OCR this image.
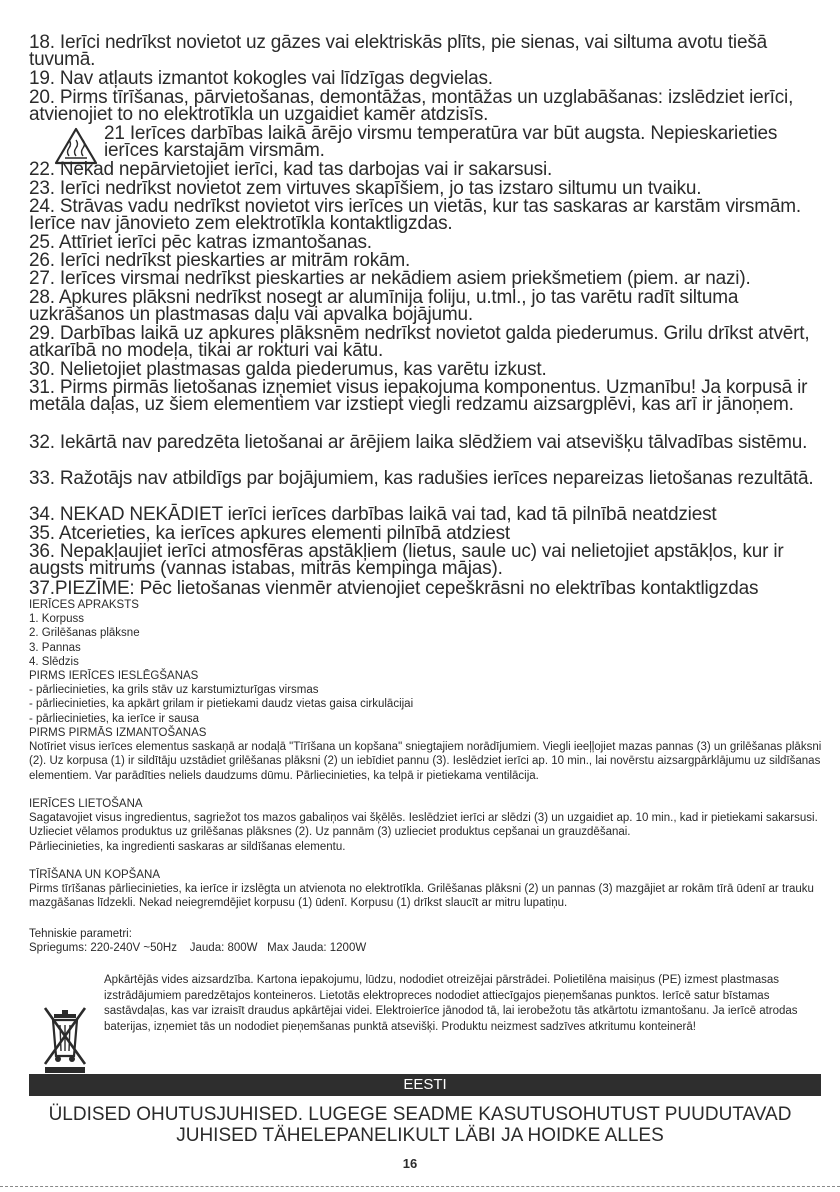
18. Ierīci nedrīkst novietot uz gāzes vai elektriskās plīts, pie sienas, vai siltuma avotu tiešā tuvumā.

19. Nav atļauts izmantot kokogles vai līdzīgas degvielas.

20. Pirms tīrīšanas, pārvietošanas, demontāžas, montāžas un uzglabāšanas: izslēdziet ierīci, atvienojiet to no elektrotīkla un uzgaidiet kamēr atdzisīs.

21 Ierīces darbības laikā ārējo virsmu temperatūra var būt augsta. Nepieskarieties ierīces karstajām virsmām.

22. Nekad nepārvietojiet ierīci, kad tas darbojas vai ir sakarsusi.

23. Ierīci nedrīkst novietot zem virtuves skapīšiem, jo tas izstaro siltumu un tvaiku.

24. Strāvas vadu nedrīkst novietot virs ierīces un vietās, kur tas saskaras ar karstām virsmām. Ierīce nav jānovieto zem elektrotīkla kontaktligzdas.

25. Attīriet ierīci pēc katras izmantošanas.

26. Ierīci nedrīkst pieskarties ar mitrām rokām.

27. Ierīces virsmai nedrīkst pieskarties ar nekādiem asiem priekšmetiem (piem. ar nazi).

28. Apkures plāksni nedrīkst nosegt ar alumīnija foliju, u.tml., jo tas varētu radīt siltuma uzkrāšanos un plastmasas daļu vai apvalka bojājumu.

29. Darbības laikā uz apkures plāksnēm nedrīkst novietot galda piederumus. Grilu drīkst atvērt, atkarībā no modeļa, tikai ar rokturi vai kātu.

30. Nelietojiet plastmasas galda piederumus, kas varētu izkust.

31. Pirms pirmās lietošanas izņemiet visus iepakojuma komponentus. Uzmanību! Ja korpusā ir metāla daļas, uz šiem elementiem var izstiept viegli redzamu aizsargplēvi, kas arī ir jānoņem.

32. Iekārtā nav paredzēta lietošanai ar ārējiem laika slēdžiem vai atsevišķu tālvadības sistēmu.

33. Ražotājs nav atbildīgs par bojājumiem, kas radušies ierīces nepareizas lietošanas rezultātā.

34. NEKAD NEKĀDIET ierīci ierīces darbības laikā vai tad, kad tā pilnībā neatdziest

35. Atcerieties, ka ierīces apkures elementi pilnībā atdziest

36. Nepakļaujiet ierīci atmosfēras apstākļiem (lietus, saule uc) vai nelietojiet apstākļos, kur ir augsts mitrums (vannas istabas, mitrās kempinga mājas).

37.PIEZĪME: Pēc lietošanas vienmēr atvienojiet cepeškrāsni no elektrības kontaktligzdas

IERĪCES APRAKSTS

1. Korpuss

2. Grilēšanas plāksne

3. Pannas

4. Slēdzis

PIRMS IERĪCES IESLĒGŠANAS

- pārliecinieties, ka grils stāv uz karstumizturīgas virsmas

- pārliecinieties, ka apkārt grilam ir pietiekami daudz vietas gaisa cirkulācijai

- pārliecinieties, ka ierīce ir sausa

PIRMS PIRMĀS IZMANTOŠANAS

Notīriet visus ierīces elementus saskaņā ar nodaļā "Tīrīšana un kopšana" sniegtajiem norādījumiem. Viegli ieeļļojiet mazas pannas (3) un grilēšanas plāksni (2). Uz korpusa (1) ir sildītāju uzstādiet grilēšanas plāksni (2) un iebīdiet pannu (3). Ieslēdziet ierīci ap. 10 min., lai novērstu aizsargpārklājumu uz sildīšanas elementiem. Var parādīties neliels daudzums dūmu. Pārliecinieties, ka telpā ir pietiekama ventilācija.

IERĪCES LIETOŠANA

Sagatavojiet visus ingredientus, sagriežot tos mazos gabaliņos vai šķēlēs. Ieslēdziet ierīci ar slēdzi (3) un uzgaidiet ap. 10 min., kad ir pietiekami sakarsusi. Uzlieciet vēlamos produktus uz grilēšanas plāksnes (2). Uz pannām (3) uzlieciet produktus cepšanai un grauzdēšanai.

Pārliecinieties, ka ingredienti saskaras ar sildīšanas elementu.

TĪRĪŠANA UN KOPŠANA

Pirms tīrīšanas pārliecinieties, ka ierīce ir izslēgta un atvienota no elektrotīkla. Grilēšanas plāksni (2) un pannas (3) mazgājiet ar rokām tīrā ūdenī ar trauku mazgāšanas līdzekli. Nekad neiegremdējiet korpusu (1) ūdenī. Korpusu (1) drīkst slaucīt ar mitru lupatiņu.

Tehniskie parametri:

Spriegums: 220-240V ~50Hz    Jauda: 800W   Max Jauda: 1200W

Apkārtējās vides aizsardzība. Kartona iepakojumu, lūdzu, nododiet otreizējai pārstrādei. Polietilēna maisiņus (PE) izmest plastmasas izstrādājumiem paredzētajos konteineros. Lietotās elektropreces nododiet attiecīgajos pieņemšanas punktos. Ierīcē satur bīstamas sastāvdaļas, kas var izraisīt draudus apkārtējai videi. Elektroierīce jānodod tā, lai ierobežotu tās atkārtotu izmantošanu. Ja ierīcē atrodas baterijas, izņemiet tās un nododiet pieņemšanas punktā atsevišķi. Produktu neizmest sadzīves atkritumu konteinerā!

EESTI

ÜLDISED OHUTUSJUHISED. LUGEGE SEADME KASUTUSOHUTUST PUUDUTAVAD JUHISED TÄHELEPANELIKULT LÄBI JA HOIDKE ALLES

16
